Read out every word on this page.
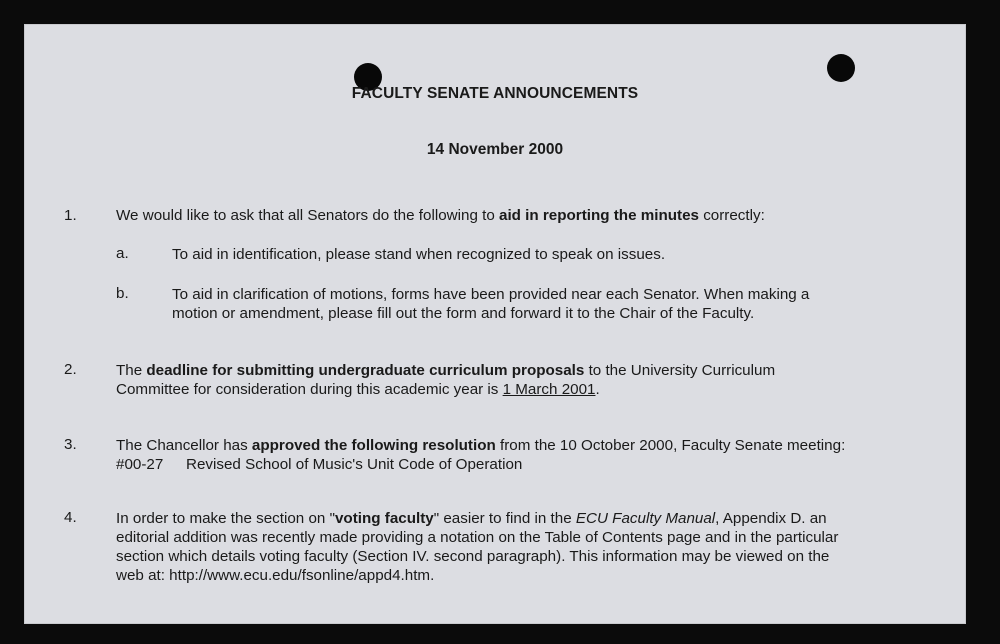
FACULTY SENATE ANNOUNCEMENTS
14 November 2000
1.	We would like to ask that all Senators do the following to aid in reporting the minutes correctly:
a.	To aid in identification, please stand when recognized to speak on issues.
b.	To aid in clarification of motions, forms have been provided near each Senator. When making a
motion or amendment, please fill out the form and forward it to the Chair of the Faculty.
2.	The deadline for submitting undergraduate curriculum proposals to the University Curriculum
Committee for consideration during this academic year is 1 March 2001.
3.	The Chancellor has approved the following resolution from the 10 October 2000, Faculty Senate meeting:
#00-27 Revised School of Music's Unit Code of Operation
4.	In order to make the section on "voting faculty" easier to find in the ECU Faculty Manual, Appendix D. an
editorial addition was recently made providing a notation on the Table of Contents page and in the particular
section which details voting faculty (Section IV. second paragraph). This information may be viewed on the
web at: http://www.ecu.edu/fsonline/appd4.htm.
